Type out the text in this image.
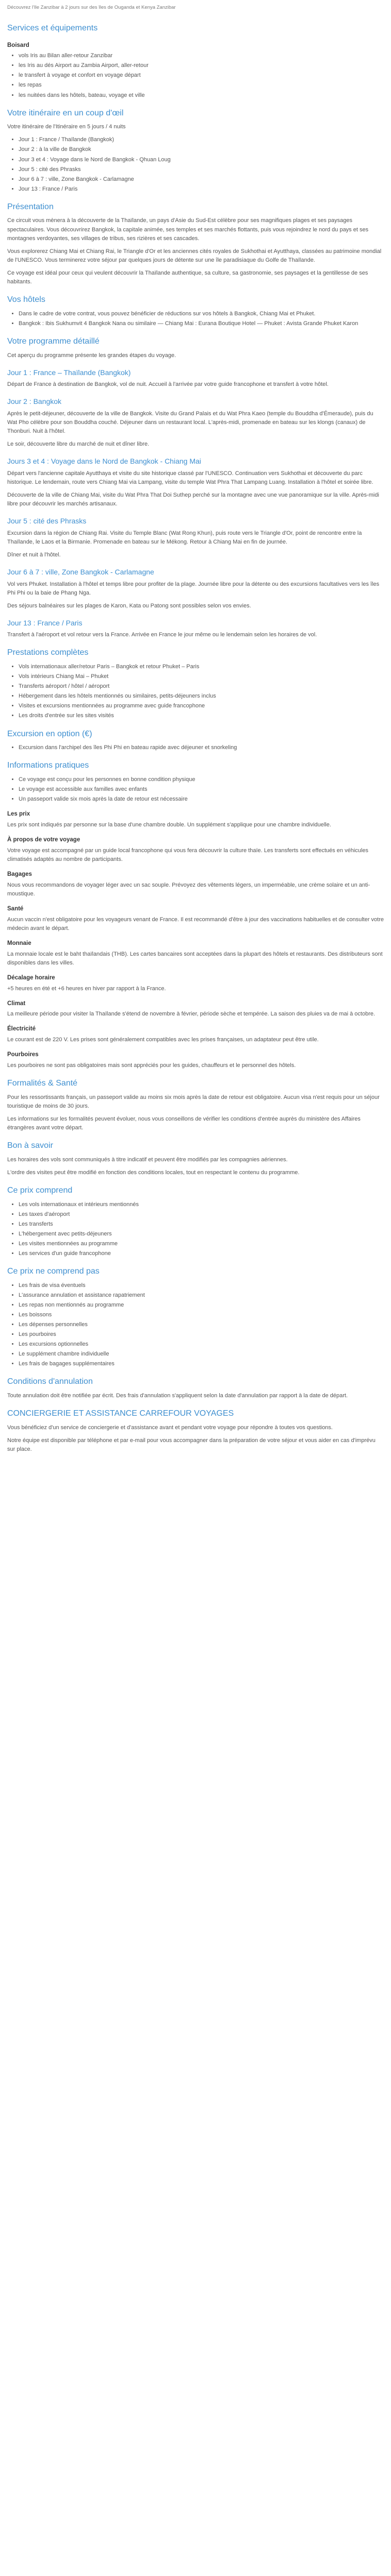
Découvrez l'Ile Zanzibar à 2 jours sur des îles de Ouganda et Kenya Zanzibar
Services et équipements
Boisard
• vols Iris au Bilan aller-retour Zanzibar
• les Iris au dés Airport au Zambia Airport, aller-retour
• le transfert à voyage et confort en voyage départ
• les repas
• les nuitées dans les hôtels, bateau, voyage et ville
Votre itinéraire en un coup d'œil

Votre itinéraire de l'Itinéraire en 5 jours / 4 nuits

• Jour 1 : France / Thaïlande (Bangkok)
• Jour 2 : à la ville de Bangkok
• Jour 3 et 4 : Voyage dans le Nord de Bangkok - Qhuan Loug
• Jour 5 : cité des Phrasks
• Jour 6 à 7 : ville, Zone Bangkok - Carlamagne
• Jour 13 : France / Paris
Présentation

Ce circuit vous mènera à la découverte de la Thaïlande, un pays d'Asie du Sud-Est célèbre pour ses magnifiques plages et ses paysages spectaculaires. Vous découvrirez Bangkok, la capitale animée, ses temples et ses marchés flottants, puis vous rejoindrez le nord du pays et ses montagnes verdoyantes, ses villages de tribus, ses rizières et ses cascades.

Vous explorerez Chiang Mai et Chiang Rai, le Triangle d'Or et les anciennes cités royales de Sukhothai et Ayutthaya, classées au patrimoine mondial de l'UNESCO. Vous terminerez votre séjour par quelques jours de détente sur une île paradisiaque du Golfe de Thaïlande.

Ce voyage est idéal pour ceux qui veulent découvrir la Thaïlande authentique, sa culture, sa gastronomie, ses paysages et la gentillesse de ses habitants.

Vos hôtels
• Dans le cadre de votre contrat, vous pouvez bénéficier de réductions sur vos hôtels à Bangkok, Chiang Mai et Phuket.
• Bangkok : Ibis Sukhumvit 4 Bangkok Nana ou similaire — Chiang Mai : Eurana Boutique Hotel — Phuket : Avista Grande Phuket Karon
Votre programme détaillé

Cet aperçu du programme présente les grandes étapes du voyage.

Jour 1 : France – Thaïlande (Bangkok)

Départ de France à destination de Bangkok, vol de nuit. Accueil à l'arrivée par votre guide francophone et transfert à votre hôtel.

Jour 2 : Bangkok

Après le petit-déjeuner, découverte de la ville de Bangkok. Visite du Grand Palais et du Wat Phra Kaeo (temple du Bouddha d'Émeraude), puis du Wat Pho célèbre pour son Bouddha couché. Déjeuner dans un restaurant local. L'après-midi, promenade en bateau sur les klongs (canaux) de Thonburi. Nuit à l'hôtel.

Le soir, découverte libre du marché de nuit et dîner libre.

Jours 3 et 4 : Voyage dans le Nord de Bangkok - Chiang Mai

Départ vers l'ancienne capitale Ayutthaya et visite du site historique classé par l'UNESCO. Continuation vers Sukhothai et découverte du parc historique. Le lendemain, route vers Chiang Mai via Lampang, visite du temple Wat Phra That Lampang Luang. Installation à l'hôtel et soirée libre.

Découverte de la ville de Chiang Mai, visite du Wat Phra That Doi Suthep perché sur la montagne avec une vue panoramique sur la ville. Après-midi libre pour découvrir les marchés artisanaux.

Jour 5 : cité des Phrasks

Excursion dans la région de Chiang Rai. Visite du Temple Blanc (Wat Rong Khun), puis route vers le Triangle d'Or, point de rencontre entre la Thaïlande, le Laos et la Birmanie. Promenade en bateau sur le Mékong. Retour à Chiang Mai en fin de journée.

Dîner et nuit à l'hôtel.

Jour 6 à 7 : ville, Zone Bangkok - Carlamagne

Vol vers Phuket. Installation à l'hôtel et temps libre pour profiter de la plage. Journée libre pour la détente ou des excursions facultatives vers les îles Phi Phi ou la baie de Phang Nga.

Des séjours balnéaires sur les plages de Karon, Kata ou Patong sont possibles selon vos envies.

Jour 13 : France / Paris

Transfert à l'aéroport et vol retour vers la France. Arrivée en France le jour même ou le lendemain selon les horaires de vol.

Prestations complètes
• Vols internationaux aller/retour Paris – Bangkok et retour Phuket – Paris
• Vols intérieurs Chiang Mai – Phuket
• Transferts aéroport / hôtel / aéroport
• Hébergement dans les hôtels mentionnés ou similaires, petits-déjeuners inclus
• Visites et excursions mentionnées au programme avec guide francophone
• Les droits d'entrée sur les sites visités
Excursion en option (€)
• Excursion dans l'archipel des îles Phi Phi en bateau rapide avec déjeuner et snorkeling
Informations pratiques
• Ce voyage est conçu pour les personnes en bonne condition physique
• Le voyage est accessible aux familles avec enfants
• Un passeport valide six mois après la date de retour est nécessaire
Les prix

Les prix sont indiqués par personne sur la base d'une chambre double. Un supplément s'applique pour une chambre individuelle.

À propos de votre voyage

Votre voyage est accompagné par un guide local francophone qui vous fera découvrir la culture thaïe. Les transferts sont effectués en véhicules climatisés adaptés au nombre de participants.

Bagages

Nous vous recommandons de voyager léger avec un sac souple. Prévoyez des vêtements légers, un imperméable, une crème solaire et un anti-moustique.

Santé

Aucun vaccin n'est obligatoire pour les voyageurs venant de France. Il est recommandé d'être à jour des vaccinations habituelles et de consulter votre médecin avant le départ.

Monnaie

La monnaie locale est le baht thaïlandais (THB). Les cartes bancaires sont acceptées dans la plupart des hôtels et restaurants. Des distributeurs sont disponibles dans les villes.

Décalage horaire

+5 heures en été et +6 heures en hiver par rapport à la France.

Climat

La meilleure période pour visiter la Thaïlande s'étend de novembre à février, période sèche et tempérée. La saison des pluies va de mai à octobre.

Électricité

Le courant est de 220 V. Les prises sont généralement compatibles avec les prises françaises, un adaptateur peut être utile.

Pourboires

Les pourboires ne sont pas obligatoires mais sont appréciés pour les guides, chauffeurs et le personnel des hôtels.

Formalités & Santé

Pour les ressortissants français, un passeport valide au moins six mois après la date de retour est obligatoire. Aucun visa n'est requis pour un séjour touristique de moins de 30 jours.

Les informations sur les formalités peuvent évoluer, nous vous conseillons de vérifier les conditions d'entrée auprès du ministère des Affaires étrangères avant votre départ.

Bon à savoir

Les horaires des vols sont communiqués à titre indicatif et peuvent être modifiés par les compagnies aériennes.

L'ordre des visites peut être modifié en fonction des conditions locales, tout en respectant le contenu du programme.

Ce prix comprend
• Les vols internationaux et intérieurs mentionnés
• Les taxes d'aéroport
• Les transferts
• L'hébergement avec petits-déjeuners
• Les visites mentionnées au programme
• Les services d'un guide francophone
Ce prix ne comprend pas
• Les frais de visa éventuels
• L'assurance annulation et assistance rapatriement
• Les repas non mentionnés au programme
• Les boissons
• Les dépenses personnelles
• Les pourboires
• Les excursions optionnelles
• Le supplément chambre individuelle
• Les frais de bagages supplémentaires
Conditions d'annulation

Toute annulation doit être notifiée par écrit. Des frais d'annulation s'appliquent selon la date d'annulation par rapport à la date de départ.

CONCIERGERIE ET ASSISTANCE CARREFOUR VOYAGES

Vous bénéficiez d'un service de conciergerie et d'assistance avant et pendant votre voyage pour répondre à toutes vos questions.

Notre équipe est disponible par téléphone et par e-mail pour vous accompagner dans la préparation de votre séjour et vous aider en cas d'imprévu sur place.
